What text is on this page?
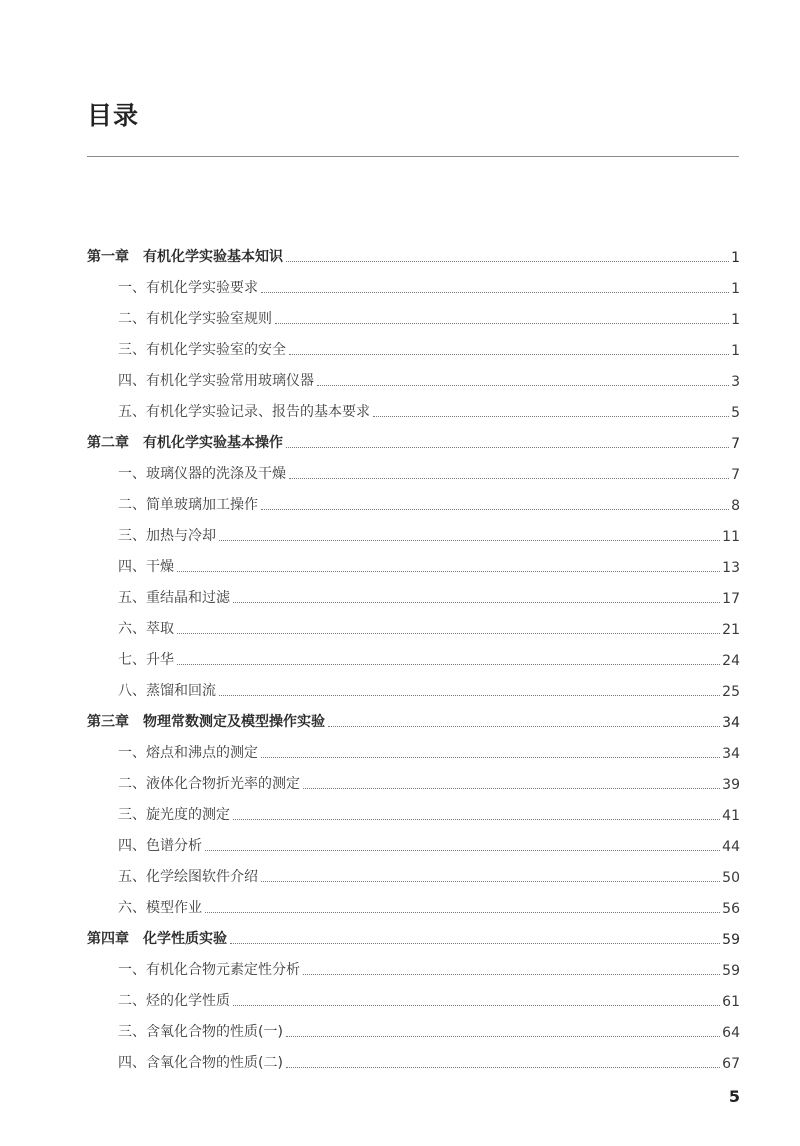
目录
第一章 有机化学实验基本知识	1
一、有机化学实验要求	1
二、有机化学实验室规则	1
三、有机化学实验室的安全	1
四、有机化学实验常用玻璃仪器	3
五、有机化学实验记录、报告的基本要求	5
第二章 有机化学实验基本操作	7
一、玻璃仪器的洗涤及干燥	7
二、简单玻璃加工操作	8
三、加热与冷却	11
四、干燥	13
五、重结晶和过滤	17
六、萃取	21
七、升华	24
八、蒸馏和回流	25
第三章 物理常数测定及模型操作实验	34
一、熔点和沸点的测定	34
二、液体化合物折光率的测定	39
三、旋光度的测定	41
四、色谱分析	44
五、化学绘图软件介绍	50
六、模型作业	56
第四章 化学性质实验	59
一、有机化合物元素定性分析	59
二、烃的化学性质	61
三、含氧化合物的性质(一)	64
四、含氧化合物的性质(二)	67
5
